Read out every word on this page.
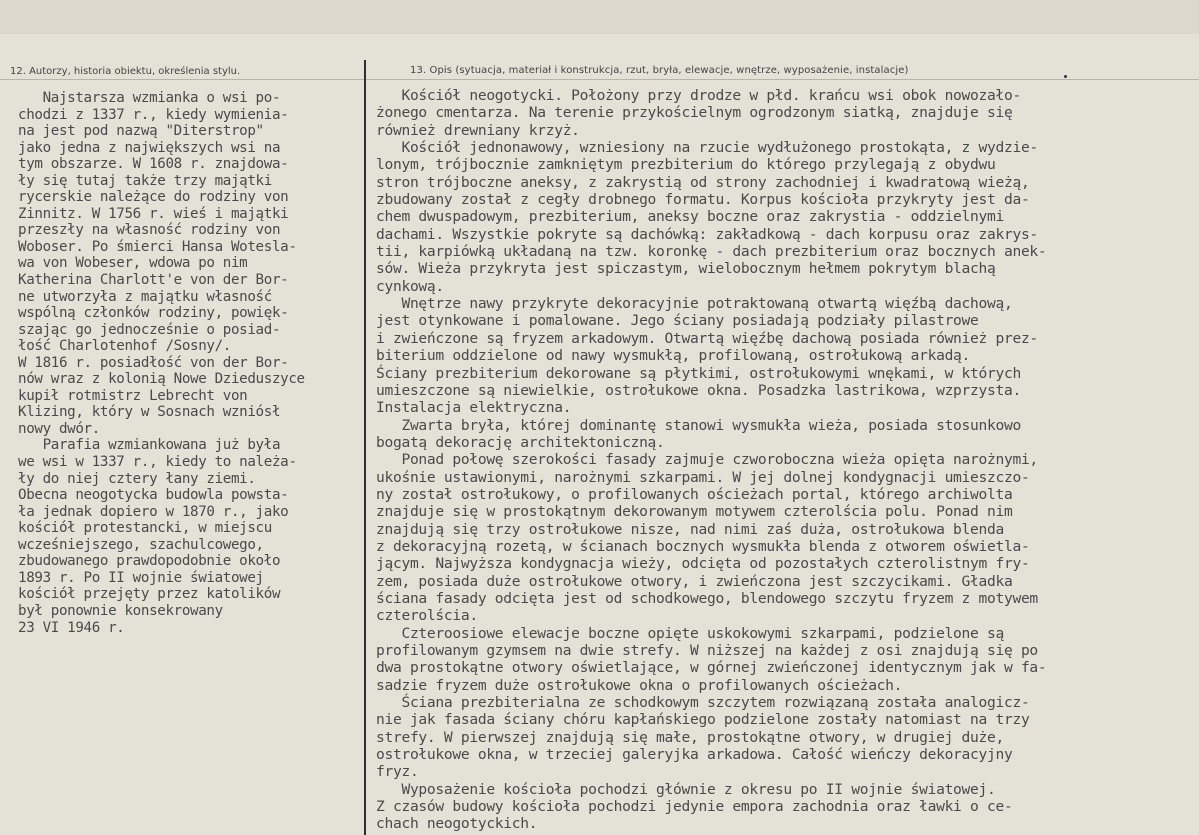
12. Autorzy, historia obiektu, określenia stylu.	13. Opis (sytuacja, materiał i konstrukcja, rzut, bryła, elewacje, wnętrze, wyposażenie, instalacje)
Najstarsza wzmianka o wsi po-
chodzi z 1337 r., kiedy wymienia-
na jest pod nazwą "Diterstrop"
jako jedna z największych wsi na
tym obszarze. W 1608 r. znajdowa-
ły się tutaj także trzy majątki
rycerskie należące do rodziny von
Zinnitz. W 1756 r. wieś i majątki
przeszły na własność rodziny von
Woboser. Po śmierci Hansa Wotesla-
wa von Wobeser, wdowa po nim
Katherina Charlott'e von der Bor-
ne utworzyła z majątku własność
wspólną członków rodziny, powięk-
szając go jednocześnie o posiad-
łość Charlotenhof /Sosny/.
W 1816 r. posiadłość von der Bor-
nów wraz z kolonią Nowe Dzieduszyce
kupił rotmistrz Lebrecht von
Klizing, który w Sosnach wzniósł
nowy dwór.
Parafia wzmiankowana już była
we wsi w 1337 r., kiedy to należa-
ły do niej cztery łany ziemi.
Obecna neogotycka budowla powsta-
ła jednak dopiero w 1870 r., jako
kościół protestancki, w miejscu
wcześniejszego, szachulcowego,
zbudowanego prawdopodobnie około
1893 r. Po II wojnie światowej
kościół przejęty przez katolików
był ponownie konsekrowany
23 VI 1946 r.
Kościół neogotycki. Położony przy drodze w płd. krańcu wsi obok nowozało-
żonego cmentarza. Na terenie przykościelnym ogrodzonym siatką, znajduje się
również drewniany krzyż.
Kościół jednonawowy, wzniesiony na rzucie wydłużonego prostokąta, z wydzie-
lonym, trójbocznie zamkniętym prezbiterium do którego przylegają z obydwu
stron trójboczne aneksy, z zakrystią od strony zachodniej i kwadratową wieżą,
zbudowany został z cegły drobnego formatu. Korpus kościoła przykryty jest da-
chem dwuspadowym, prezbiterium, aneksy boczne oraz zakrystia - oddzielnymi
dachami. Wszystkie pokryte są dachówką: zakładkową - dach korpusu oraz zakrys-
tii, karpiówką układaną na tzw. koronkę - dach prezbiterium oraz bocznych anek-
sów. Wieża przykryta jest spiczastym, wielobocznym hełmem pokrytym blachą
cynkową.
Wnętrze nawy przykryte dekoracyjnie potraktowaną otwartą więźbą dachową,
jest otynkowane i pomalowane. Jego ściany posiadają podziały pilastrowe
i zwieńczone są fryzem arkadowym. Otwartą więźbę dachową posiada również prez-
biterium oddzielone od nawy wysmukłą, profilowaną, ostrołukową arkadą.
Ściany prezbiterium dekorowane są płytkimi, ostrołukowymi wnękami, w których
umieszczone są niewielkie, ostrołukowe okna. Posadzka lastrikowa, wzprzysta.
Instalacja elektryczna.
Zwarta bryła, której dominantę stanowi wysmukła wieża, posiada stosunkowo
bogatą dekorację architektoniczną.
Ponad połowę szerokości fasady zajmuje czworoboczna wieża opięta narożnymi,
ukośnie ustawionymi, narożnymi szkarpami. W jej dolnej kondygnacji umieszczo-
ny został ostrołukowy, o profilowanych ościeżach portal, którego archiwolta
znajduje się w prostokątnym dekorowanym motywem czterolścia polu. Ponad nim
znajdują się trzy ostrołukowe nisze, nad nimi zaś duża, ostrołukowa blenda
z dekoracyjną rozetą, w ścianach bocznych wysmukła blenda z otworem oświetla-
jącym. Najwyższa kondygnacja wieży, odcięta od pozostałych czterolistnym fry-
zem, posiada duże ostrołukowe otwory, i zwieńczona jest szczycikami. Gładka
ściana fasady odcięta jest od schodkowego, blendowego szczytu fryzem z motywem
czterolścia.
Czteroosiowe elewacje boczne opięte uskokowymi szkarpami, podzielone są
profilowanym gzymsem na dwie strefy. W niższej na każdej z osi znajdują się po
dwa prostokątne otwory oświetlające, w górnej zwieńczonej identycznym jak w fa-
sadzie fryzem duże ostrołukowe okna o profilowanych ościeżach.
Ściana prezbiterialna ze schodkowym szczytem rozwiązaną została analogicz-
nie jak fasada ściany chóru kapłańskiego podzielone zostały natomiast na trzy
strefy. W pierwszej znajdują się małe, prostokątne otwory, w drugiej duże,
ostrołukowe okna, w trzeciej galeryjka arkadowa. Całość wieńczy dekoracyjny
fryz.
Wyposażenie kościoła pochodzi głównie z okresu po II wojnie światowej.
Z czasów budowy kościoła pochodzi jedynie empora zachodnia oraz ławki o ce-
chach neogotyckich.
